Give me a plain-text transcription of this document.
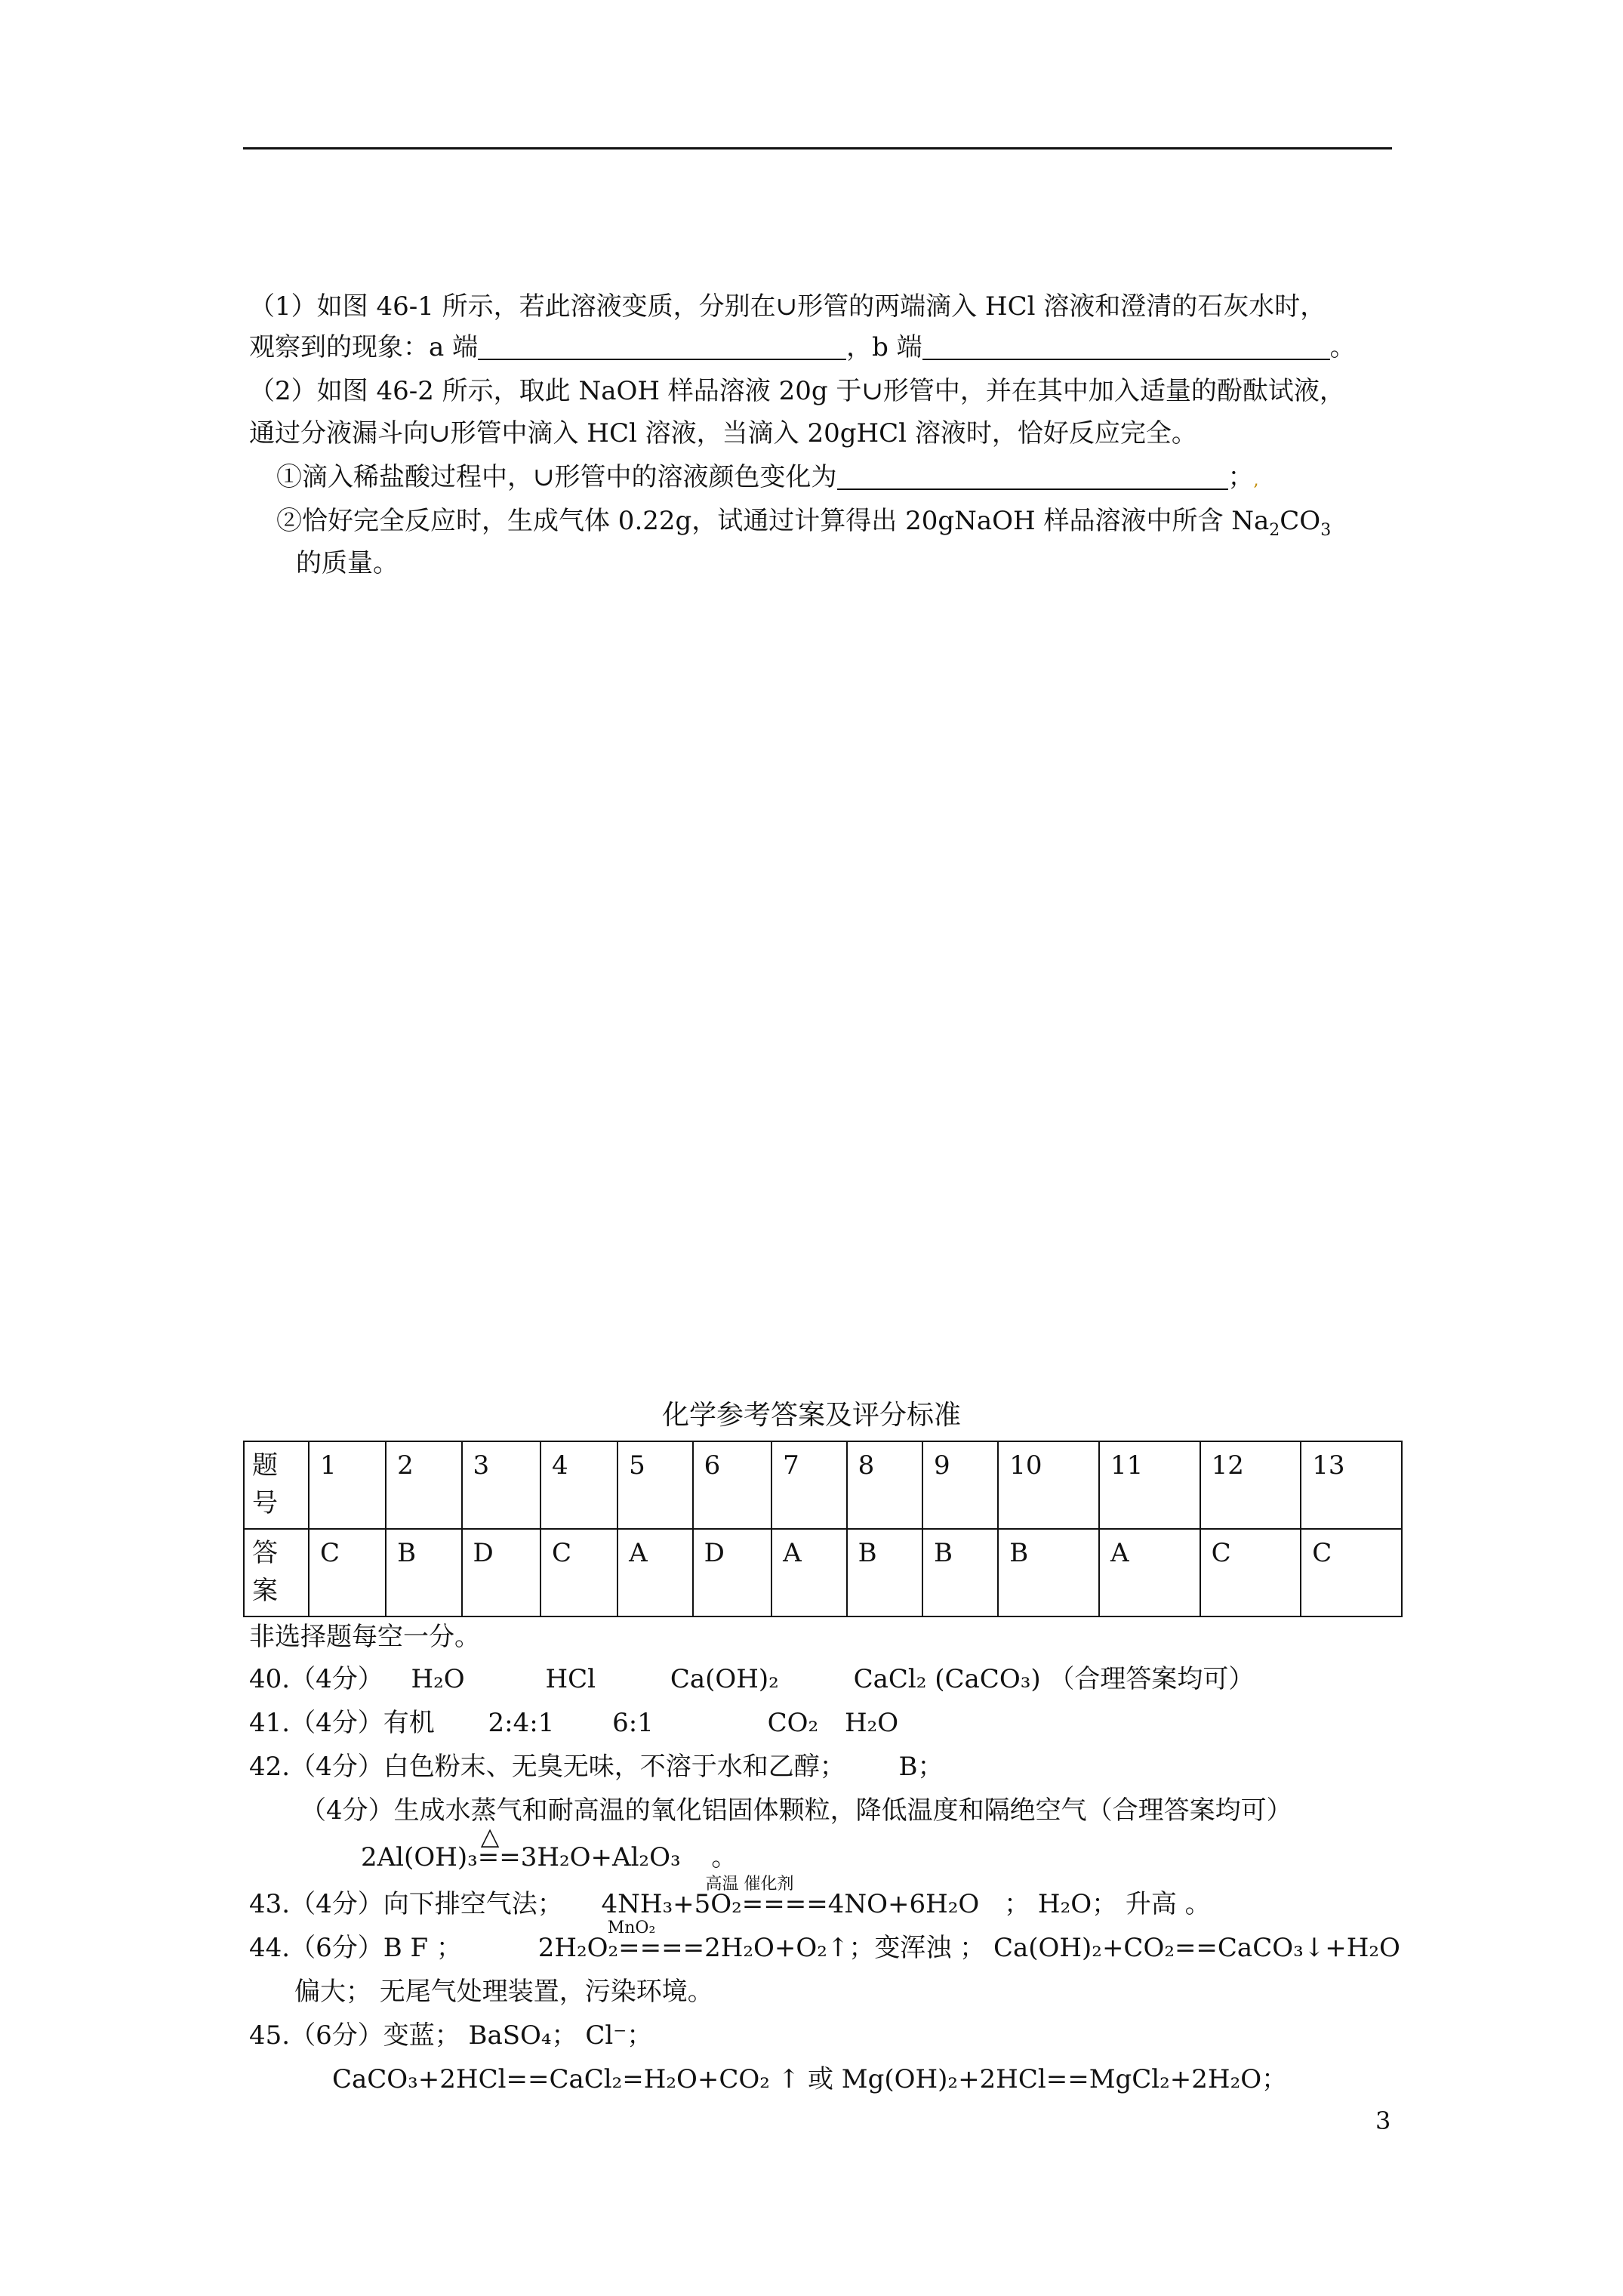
（1）如图 46-1 所示，若此溶液变质，分别在∪形管的两端滴入 HCl 溶液和澄清的石灰水时，
观察到的现象：a 端	，b 端	。
（2）如图 46-2 所示，取此 NaOH 样品溶液 20g 于∪形管中，并在其中加入适量的酚酞试液，
通过分液漏斗向∪形管中滴入 HCl 溶液，当滴入 20gHCl 溶液时，恰好反应完全。
①滴入稀盐酸过程中，∪形管中的溶液颜色变化为	；,
②恰好完全反应时，生成气体 0.22g，试通过计算得出 20gNaOH 样品溶液中所含 $Na_2CO_3$
的质量。
化学参考答案及评分标准
题号	1	2	3	4	5	6	7	8	9	10	11	12	13
答案	C	B	D	C	A	D	A	B	B	B	A	C	C
非选择题每空一分。
40.（4分） H₂O	HCl	Ca(OH)₂	CaCl₂ (CaCO₃) （合理答案均可）
41.（4分）有机 2:4:1 6:1	CO₂ H₂O
42.（4分）白色粉末、无臭无味，不溶于水和乙醇； B；
（4分）生成水蒸气和耐高温的氧化铝固体颗粒，降低温度和隔绝空气（合理答案均可）
2Al(OH)₃
△
==3H₂O+Al₂O₃ 。
43.（4分）向下排空气法；
高温 催化剂
4NH₃+5O₂====4NO+6H₂O ； H₂O； 升高 。
44.（6分）B F ；
MnO₂
2H₂O₂====2H₂O+O₂↑；变浑浊 ； Ca(OH)₂+CO₂==CaCO₃↓+H₂O
偏大； 无尾气处理装置，污染环境。
45.（6分）变蓝； BaSO₄； Cl⁻；
CaCO₃+2HCl==CaCl₂=H₂O+CO₂ ↑ 或 Mg(OH)₂+2HCl==MgCl₂+2H₂O；
3
